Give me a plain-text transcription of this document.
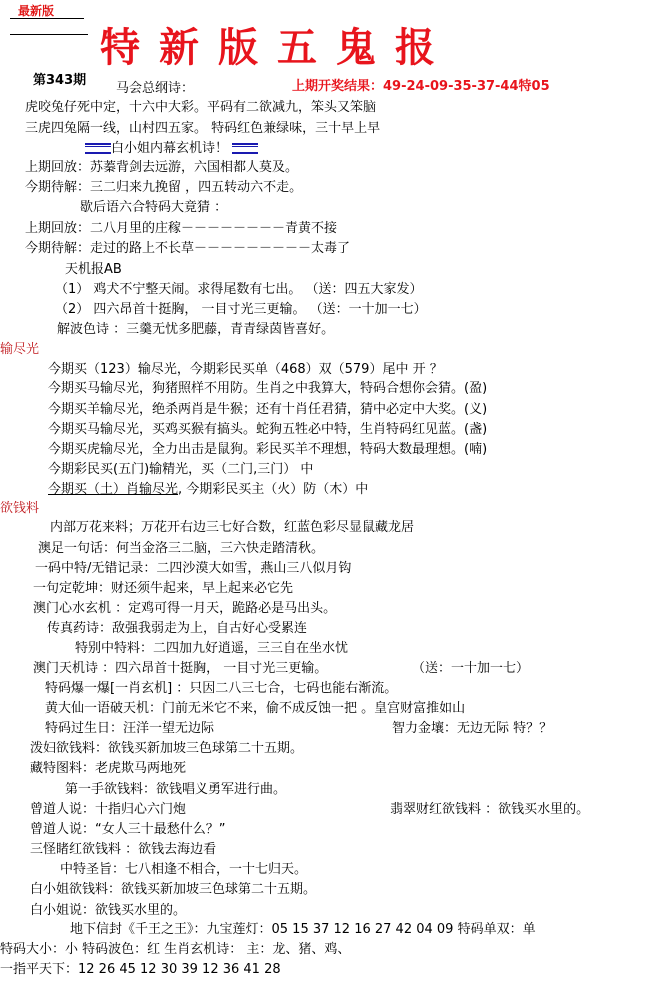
最新版
特新版五鬼报
第343期
马会总纲诗：	上期开奖结果：49-24-09-35-37-44特05
虎咬兔仔死中定，十六中大彩。平码有二欲减九，笨头又笨脑
三虎四兔隔一线，山村四五家。 特码红色兼绿味，三十早上早
白小姐内幕玄机诗！
上期回放：苏蓁背剑去远游，六国相都人莫及。
今期待解：三二归来九挽留 ，四五转动六不走。
歇后语六合特码大竟猜 ：
上期回放：二八月里的庄稼－－－－－－－－青黄不接
今期待解：走过的路上不长草－－－－－－－－－太毒了
天机报AB
（1） 鸡犬不宁整天闹。求得尾数有七出。 （送：四五大家发）
（2） 四六昂首十挺胸， 一目寸光三更输。 （送：一十加一七）
解波色诗 ：三羹无忧多肥藤，青青绿茵皆喜好。
输尽光
今期买（123）输尽光，今期彩民买单（468）双（579）尾中 开 ？
今期买马输尽光，狗猪照样不用防。生肖之中我算大，特码合想你会猜。(盈)
今期买羊输尽光，绝杀两肖是牛猴；还有十肖任君猜，猜中必定中大奖。(义)
今期买马输尽光，买鸡买猴有搞头。蛇狗五牲必中特，生肖特码红见蓝。(盏)
今期买虎输尽光，全力出击是鼠狗。彩民买羊不理想，特码大数最理想。(喃)
今期彩民买(五门)输精光，买（二门,三门） 中
今期买（土）肖输尽光, 今期彩民买主（火）防（木）中
欲钱料
内部万花来料；万花开右边三七好合数，红蓝色彩尽显鼠藏龙居
澳足一句话：何当金洛三二脑，三六快走踏清秋。
一码中特/无错记录：二四沙漠大如雪，燕山三八似月钩
一句定乾坤：财还须牛起来，早上起来必它先
澳门心水玄机 ：定鸡可得一月天，跪路必是马出头。
传真药诗：敌强我弱走为上，自古好心受累连
特别中特料：二四加九好逍遥，三三自在坐水忧
澳门天机诗 ：四六昂首十挺胸， 一目寸光三更输。	（送：一十加一七）
特码爆一爆[一肖玄机] ：只因二八三七合，七码也能右渐流。
黄大仙一语破天机：门前无米它不来，偷不成反蚀一把 。皇宫财富推如山
特码过生日：汪洋一望无边际	智力金壤：无边无际 特？？
泼妇欲钱料：欲钱买新加坡三色球第二十五期。
藏特图料：老虎欺马两地死
第一手欲钱料：欲钱唱义勇军进行曲。
曾道人说：十指归心六门炮	翡翠财红欲钱料 ：欲钱买水里的。
曾道人说：“女人三十最愁什么？”
三怪睹红欲钱料 ：欲钱去海边看
中特圣旨：七八相逢不相合，一十七归天。
白小姐欲钱料：欲钱买新加坡三色球第二十五期。
白小姐说：欲钱买水里的。
地下信封《千王之王》：九宝莲灯：05 15 37 12 16 27 42 04 09 特码单双：单
特码大小：小 特码波色：红 生肖玄机诗： 主：龙、猪、鸡、
一指平天下：12 26 45 12 30 39 12 36 41 28
